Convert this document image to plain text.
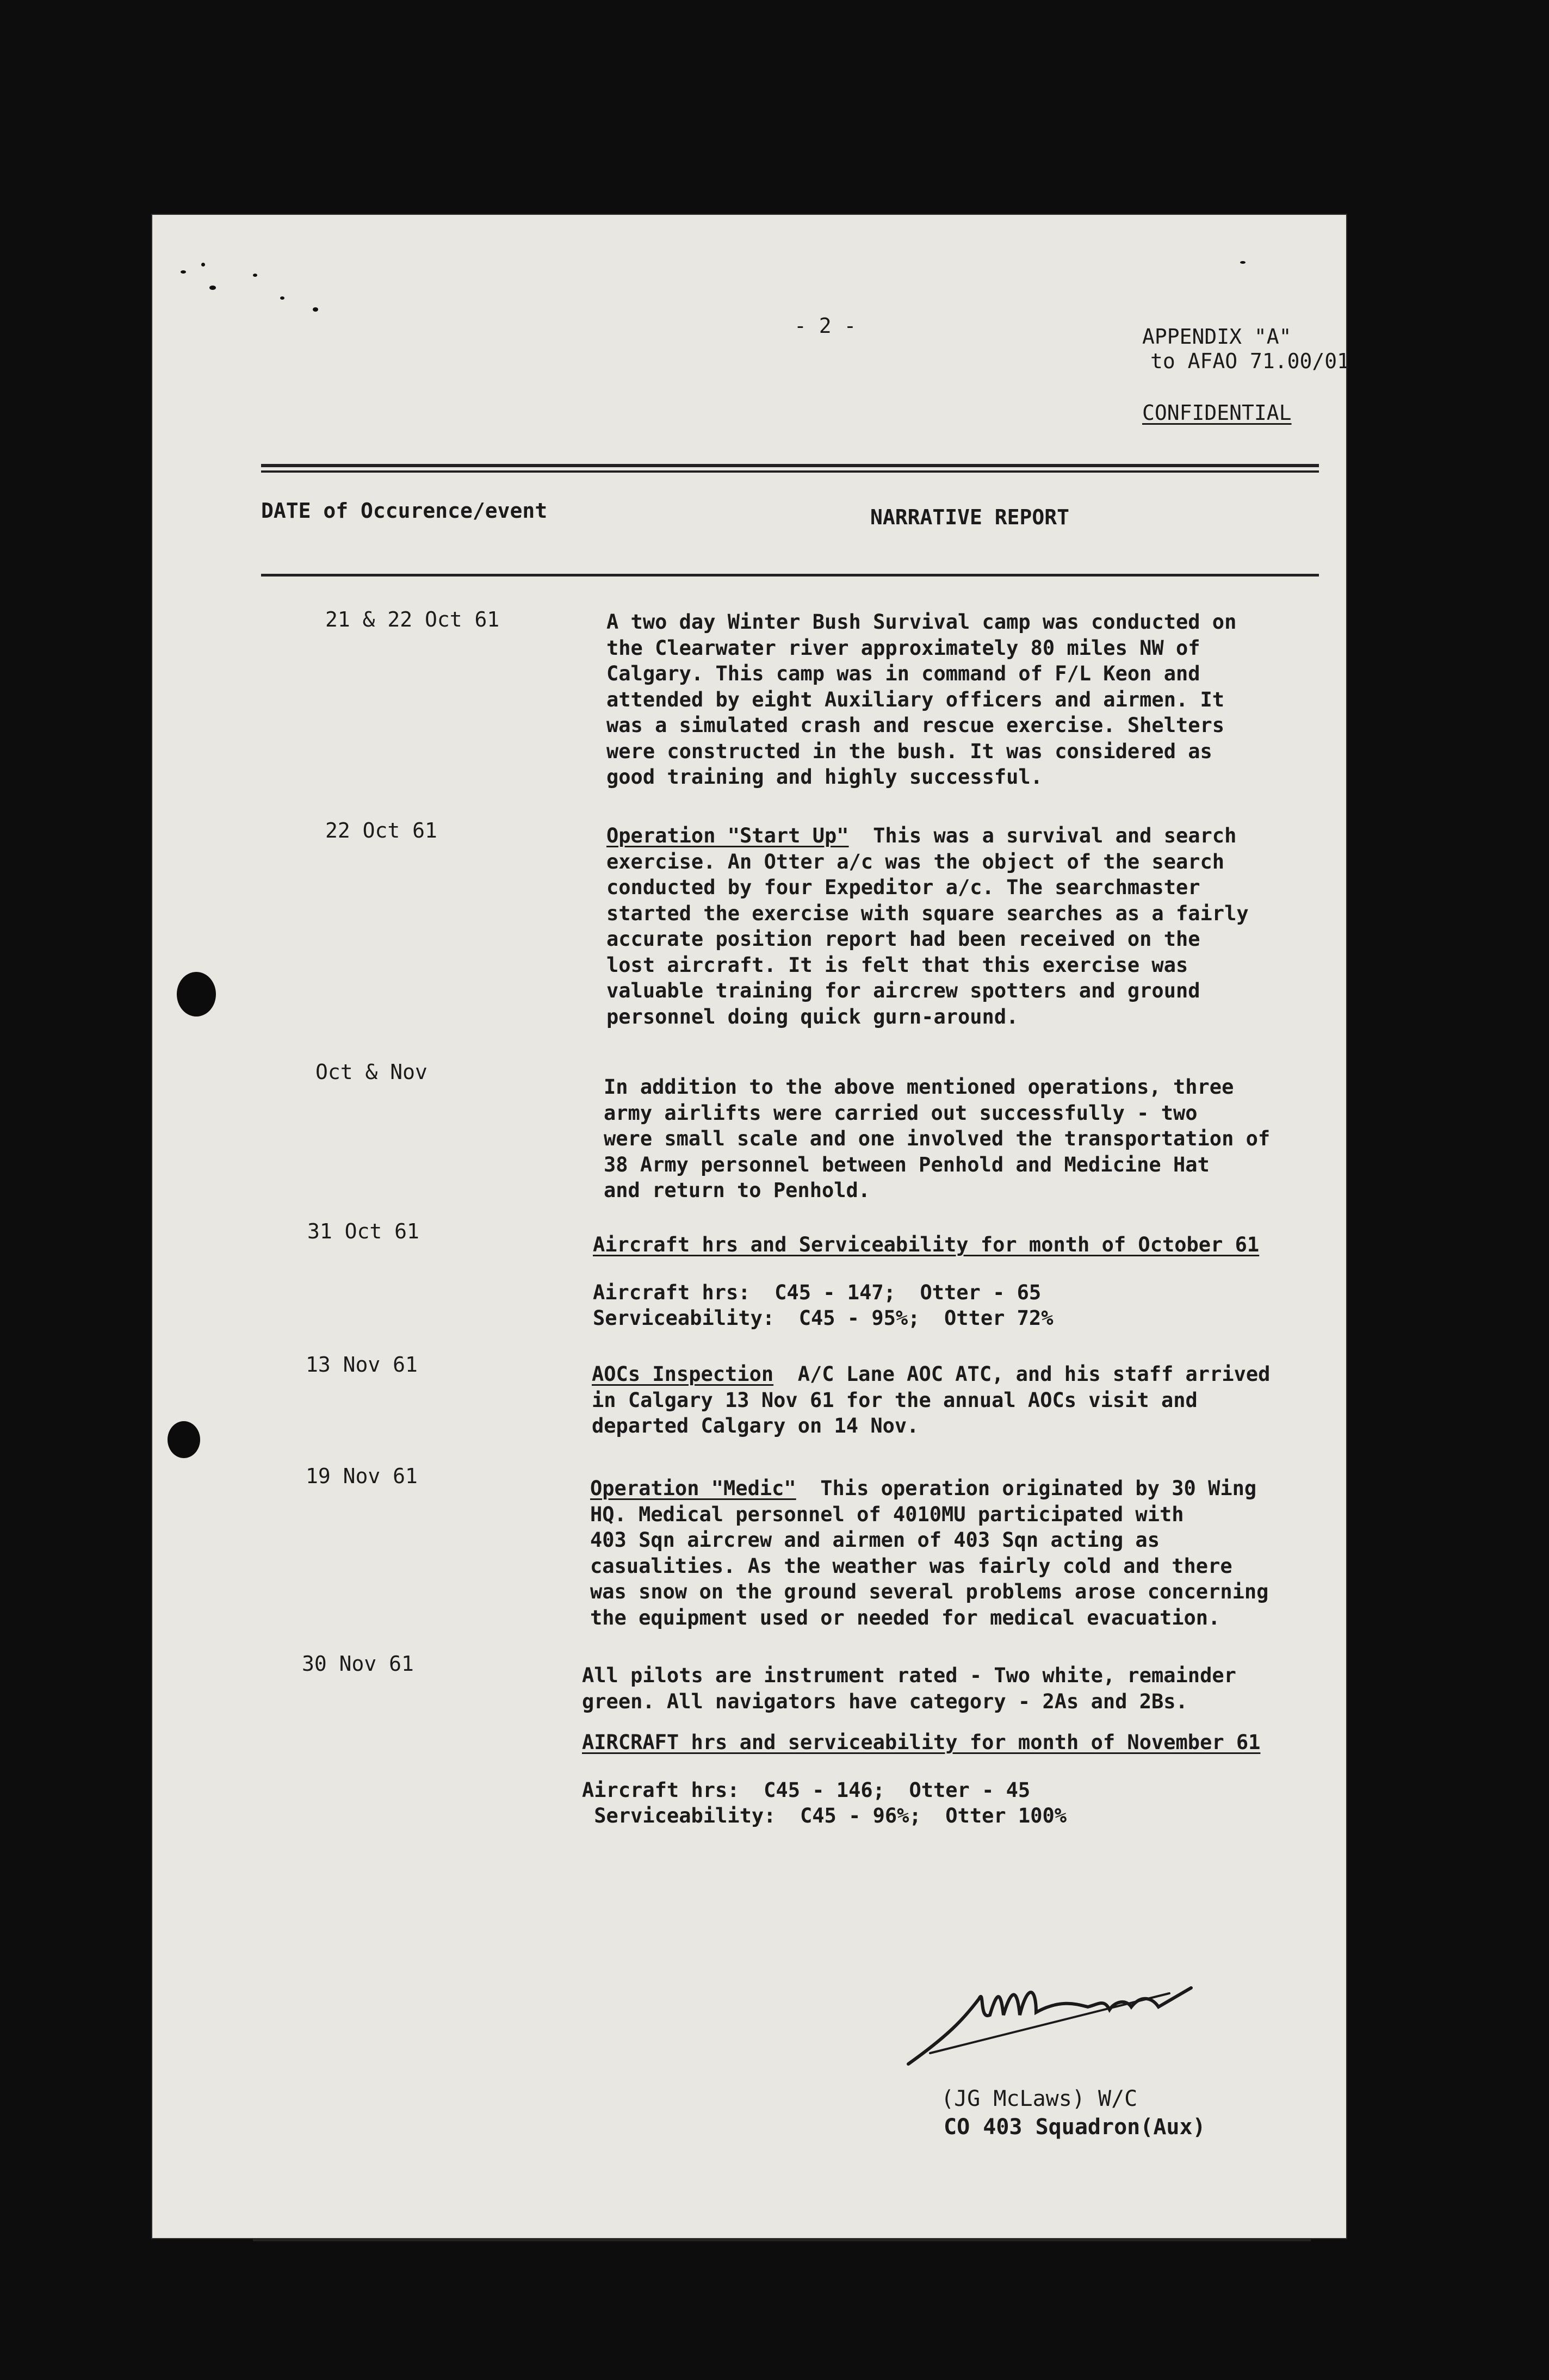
- 2 -	APPENDIX "A"
to AFAO 71.00/01
CONFIDENTIAL
DATE of Occurence/event	NARRATIVE REPORT
21 & 22 Oct 61	A two day Winter Bush Survival camp was conducted on
the Clearwater river approximately 80 miles NW of
Calgary. This camp was in command of F/L Keon and
attended by eight Auxiliary officers and airmen. It
was a simulated crash and rescue exercise. Shelters
were constructed in the bush. It was considered as
good training and highly successful.
22 Oct 61	Operation "Start Up"  This was a survival and search
exercise. An Otter a/c was the object of the search
conducted by four Expeditor a/c. The searchmaster
started the exercise with square searches as a fairly
accurate position report had been received on the
lost aircraft. It is felt that this exercise was
valuable training for aircrew spotters and ground
personnel doing quick gurn-around.
Oct & Nov
In addition to the above mentioned operations, three
army airlifts were carried out successfully - two
were small scale and one involved the transportation of
38 Army personnel between Penhold and Medicine Hat
and return to Penhold.
31 Oct 61
Aircraft hrs and Serviceability for month of October 61
Aircraft hrs:  C45 - 147;  Otter - 65
Serviceability:  C45 - 95%;  Otter 72%
13 Nov 61	AOCs Inspection  A/C Lane AOC ATC, and his staff arrived
in Calgary 13 Nov 61 for the annual AOCs visit and
departed Calgary on 14 Nov.
19 Nov 61
Operation "Medic"  This operation originated by 30 Wing
HQ. Medical personnel of 4010MU participated with
403 Sqn aircrew and airmen of 403 Sqn acting as
casualities. As the weather was fairly cold and there
was snow on the ground several problems arose concerning
the equipment used or needed for medical evacuation.
30 Nov 61	All pilots are instrument rated - Two white, remainder
green. All navigators have category - 2As and 2Bs.
AIRCRAFT hrs and serviceability for month of November 61
Aircraft hrs:  C45 - 146;  Otter - 45
Serviceability:  C45 - 96%;  Otter 100%
(JG McLaws) W/C
CO 403 Squadron(Aux)
